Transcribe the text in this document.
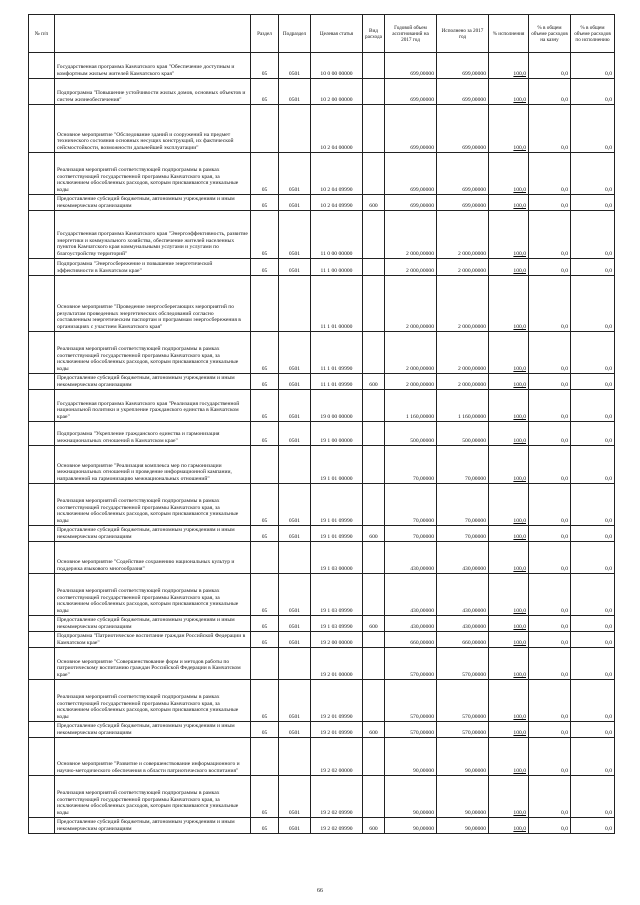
№ п/п		Раздел	Подраздел	Целевая статья	Вид расхода	Годовой объем ассигнований на 2017 год	Исполнено за 2017 год	% исполнения	% в общем объеме расходов на казну	% в общем объеме расходов по исполнению
	Государственная программа Камчатского края "Обеспечение доступным и комфортным жильем жителей Камчатского края"	05	0501	10 0 00 00000		699,00000	699,00000	100,0	0,0	0,0
	Подпрограмма "Повышение устойчивости жилых домов, основных объектов и систем жизнеобеспечения"	05	0501	10 2 00 00000		699,00000	699,00000	100,0	0,0	0,0
	Основное мероприятие "Обследование зданий и сооружений на предмет технического состояния основных несущих конструкций, их фактической сейсмостойкости, возможности дальнейшей эксплуатации"			10 2 04 00000		699,00000	699,00000	100,0	0,0	0,0
	Реализация мероприятий соответствующей подпрограммы в рамках соответствующей государственной программы Камчатского края, за исключением обособленных расходов, которым присваиваются уникальные коды	05	0501	10 2 04 09990		699,00000	699,00000	100,0	0,0	0,0
	Предоставление субсидий бюджетным, автономным учреждениям и иным некоммерческим организациям	05	0501	10 2 04 09990	600	699,00000	699,00000	100,0	0,0	0,0
	Государственная программа Камчатского края "Энергоэффективность, развитие энергетики и коммунального хозяйства, обеспечение жителей населенных пунктов Камчатского края коммунальными услугами и услугами по благоустройству территорий"	05	0501	11 0 00 00000		2 000,00000	2 000,00000	100,0	0,0	0,0
	Подпрограмма "Энергосбережение и повышение энергетической эффективности в Камчатском крае"	05	0501	11 1 00 00000		2 000,00000	2 000,00000	100,0	0,0	0,0
	Основное мероприятие "Проведение энергосберегающих мероприятий по результатам проведенных энергетических обследований согласно составленным энергетическим паспортам и программам энергосбережения в организациях с участием Камчатского края"			11 1 01 00000		2 000,00000	2 000,00000	100,0	0,0	0,0
	Реализация мероприятий соответствующей подпрограммы в рамках соответствующей государственной программы Камчатского края, за исключением обособленных расходов, которым присваиваются уникальные коды	05	0501	11 1 01 09990		2 000,00000	2 000,00000	100,0	0,0	0,0
	Предоставление субсидий бюджетным, автономным учреждениям и иным некоммерческим организациям	05	0501	11 1 01 09990	600	2 000,00000	2 000,00000	100,0	0,0	0,0
	Государственная программа Камчатского края "Реализация государственной национальной политики и укрепление гражданского единства в Камчатском крае"	05	0501	19 0 00 00000		1 160,00000	1 160,00000	100,0	0,0	0,0
	Подпрограмма "Укрепление гражданского единства и гармонизация межнациональных отношений в Камчатском крае"	05	0501	19 1 00 00000		500,00000	500,00000	100,0	0,0	0,0
	Основное мероприятие "Реализация комплекса мер по гармонизации межнациональных отношений и проведение информационной кампании, направленной на гармонизацию межнациональных отношений"			19 1 01 00000		70,00000	70,00000	100,0	0,0	0,0
	Реализация мероприятий соответствующей подпрограммы в рамках соответствующей государственной программы Камчатского края, за исключением обособленных расходов, которым присваиваются уникальные коды	05	0501	19 1 01 09990		70,00000	70,00000	100,0	0,0	0,0
	Предоставление субсидий бюджетным, автономным учреждениям и иным некоммерческим организациям	05	0501	19 1 01 09990	600	70,00000	70,00000	100,0	0,0	0,0
	Основное мероприятие "Содействие сохранению национальных культур и поддержка языкового многообразия"			19 1 03 00000		430,00000	430,00000	100,0	0,0	0,0
	Реализация мероприятий соответствующей подпрограммы в рамках соответствующей государственной программы Камчатского края, за исключением обособленных расходов, которым присваиваются уникальные коды	05	0501	19 1 03 09990		430,00000	430,00000	100,0	0,0	0,0
	Предоставление субсидий бюджетным, автономным учреждениям и иным некоммерческим организациям	05	0501	19 1 03 09990	600	430,00000	430,00000	100,0	0,0	0,0
	Подпрограмма "Патриотическое воспитание граждан Российской Федерации в Камчатском крае"	05	0501	19 2 00 00000		660,00000	660,00000	100,0	0,0	0,0
	Основное мероприятие "Совершенствование форм и методов работы по патриотическому воспитанию граждан Российской Федерации в Камчатском крае"			19 2 01 00000		570,00000	570,00000	100,0	0,0	0,0
	Реализация мероприятий соответствующей подпрограммы в рамках соответствующей государственной программы Камчатского края, за исключением обособленных расходов, которым присваиваются уникальные коды	05	0501	19 2 01 09990		570,00000	570,00000	100,0	0,0	0,0
	Предоставление субсидий бюджетным, автономным учреждениям и иным некоммерческим организациям	05	0501	19 2 01 09990	600	570,00000	570,00000	100,0	0,0	0,0
	Основное мероприятие "Развитие и совершенствование информационного и научно-методического обеспечения в области патриотического воспитания"			19 2 02 00000		90,00000	90,00000	100,0	0,0	0,0
	Реализация мероприятий соответствующей подпрограммы в рамках соответствующей государственной программы Камчатского края, за исключением обособленных расходов, которым присваиваются уникальные коды	05	0501	19 2 02 09990		90,00000	90,00000	100,0	0,0	0,0
	Предоставление субсидий бюджетным, автономным учреждениям и иным некоммерческим организациям	05	0501	19 2 02 09990	600	90,00000	90,00000	100,0	0,0	0,0
66
